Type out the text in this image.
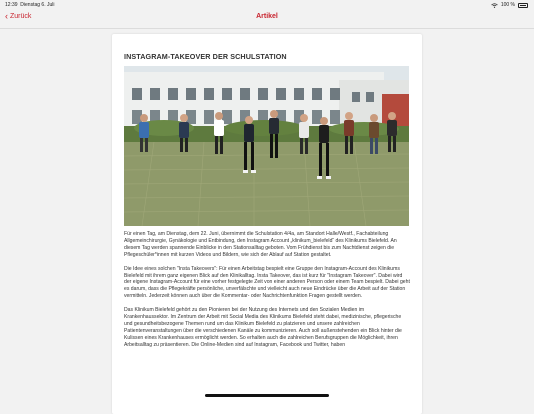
12:39 Dienstag 6. Juli	100 %
‹ Zurück	Artikel
INSTAGRAM-TAKEOVER DER SCHULSTATION

Für einen Tag, am Dienstag, dem 22. Juni, übernimmt die Schulstation 4/4a, am Standort Halle/Westf., Fachabteilung Allgemeinchirurgie, Gynäkologie und Entbindung, den Instagram Account „klinikum_bielefeld“ des Klinikums Bielefeld. An diesem Tag werden spannende Einblicke in den Stationsalltag geboten. Vom Frühdienst bis zum Nachtdienst zeigen die Pflegeschüler*innen mit kurzen Videos und Bildern, wie sich der Ablauf auf Station gestaltet.

Die Idee eines solchen "Insta Takeovers": Für einen Arbeitstag bespielt eine Gruppe den Instagram-Account des Klinikums Bielefeld mit ihrem ganz eigenen Blick auf den Klinikalltag. Insta Takeover, das ist kurz für "Instagram Takeover". Dabei wird der eigene Instagram-Account für eine vorher festgelegte Zeit von einer anderen Person oder einem Team bespielt. Dabei geht es darum, dass die Pflegekräfte persönliche, unverfälschte und vielleicht auch neue Eindrücke über die Arbeit auf der Station vermitteln. Jederzeit können auch über die Kommentar- oder Nachrichtenfunktion Fragen gestellt werden.

Das Klinikum Bielefeld gehört zu den Pionieren bei der Nutzung des Internets und den Sozialen Medien im Krankenhaussektor. Im Zentrum der Arbeit mit Social Media des Klinikums Bielefeld steht dabei, medizinische, pflegerische und gesundheitsbezogene Themen rund um das Klinikum Bielefeld zu platzieren und unsere zahlreichen Patientenveranstaltungen über die verschiedenen Kanäle zu kommunizieren. Auch soll außenstehenden ein Blick hinter die Kulissen eines Krankenhauses ermöglicht werden. So erhalten auch die zahlreichen Berufsgruppen die Möglichkeit, ihren Arbeitsalltag zu präsentieren. Die Online-Medien sind auf Instagram, Facebook und Twitter, haben
